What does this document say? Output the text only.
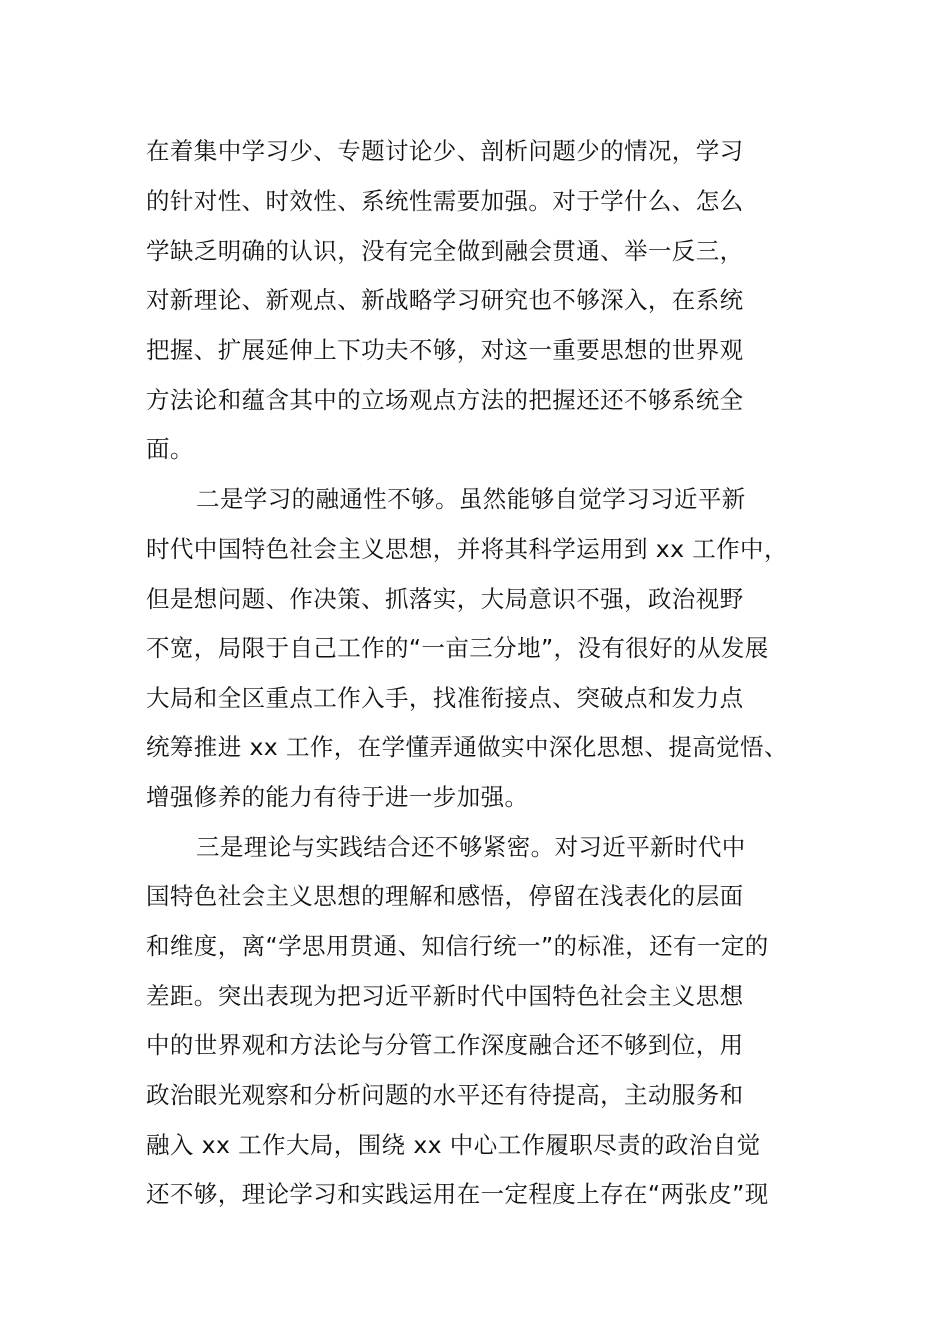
在着集中学习少、专题讨论少、剖析问题少的情况，学习
的针对性、时效性、系统性需要加强。对于学什么、怎么
学缺乏明确的认识，没有完全做到融会贯通、举一反三，
对新理论、新观点、新战略学习研究也不够深入，在系统
把握、扩展延伸上下功夫不够，对这一重要思想的世界观
方法论和蕴含其中的立场观点方法的把握还还不够系统全
面。
二是学习的融通性不够。虽然能够自觉学习习近平新
时代中国特色社会主义思想，并将其科学运用到 xx 工作中，
但是想问题、作决策、抓落实，大局意识不强，政治视野
不宽，局限于自己工作的“一亩三分地”，没有很好的从发展
大局和全区重点工作入手，找准衔接点、突破点和发力点
统筹推进 xx 工作，在学懂弄通做实中深化思想、提高觉悟、
增强修养的能力有待于进一步加强。
三是理论与实践结合还不够紧密。对习近平新时代中
国特色社会主义思想的理解和感悟，停留在浅表化的层面
和维度，离“学思用贯通、知信行统一”的标准，还有一定的
差距。突出表现为把习近平新时代中国特色社会主义思想
中的世界观和方法论与分管工作深度融合还不够到位，用
政治眼光观察和分析问题的水平还有待提高，主动服务和
融入 xx 工作大局，围绕 xx 中心工作履职尽责的政治自觉
还不够，理论学习和实践运用在一定程度上存在“两张皮”现
